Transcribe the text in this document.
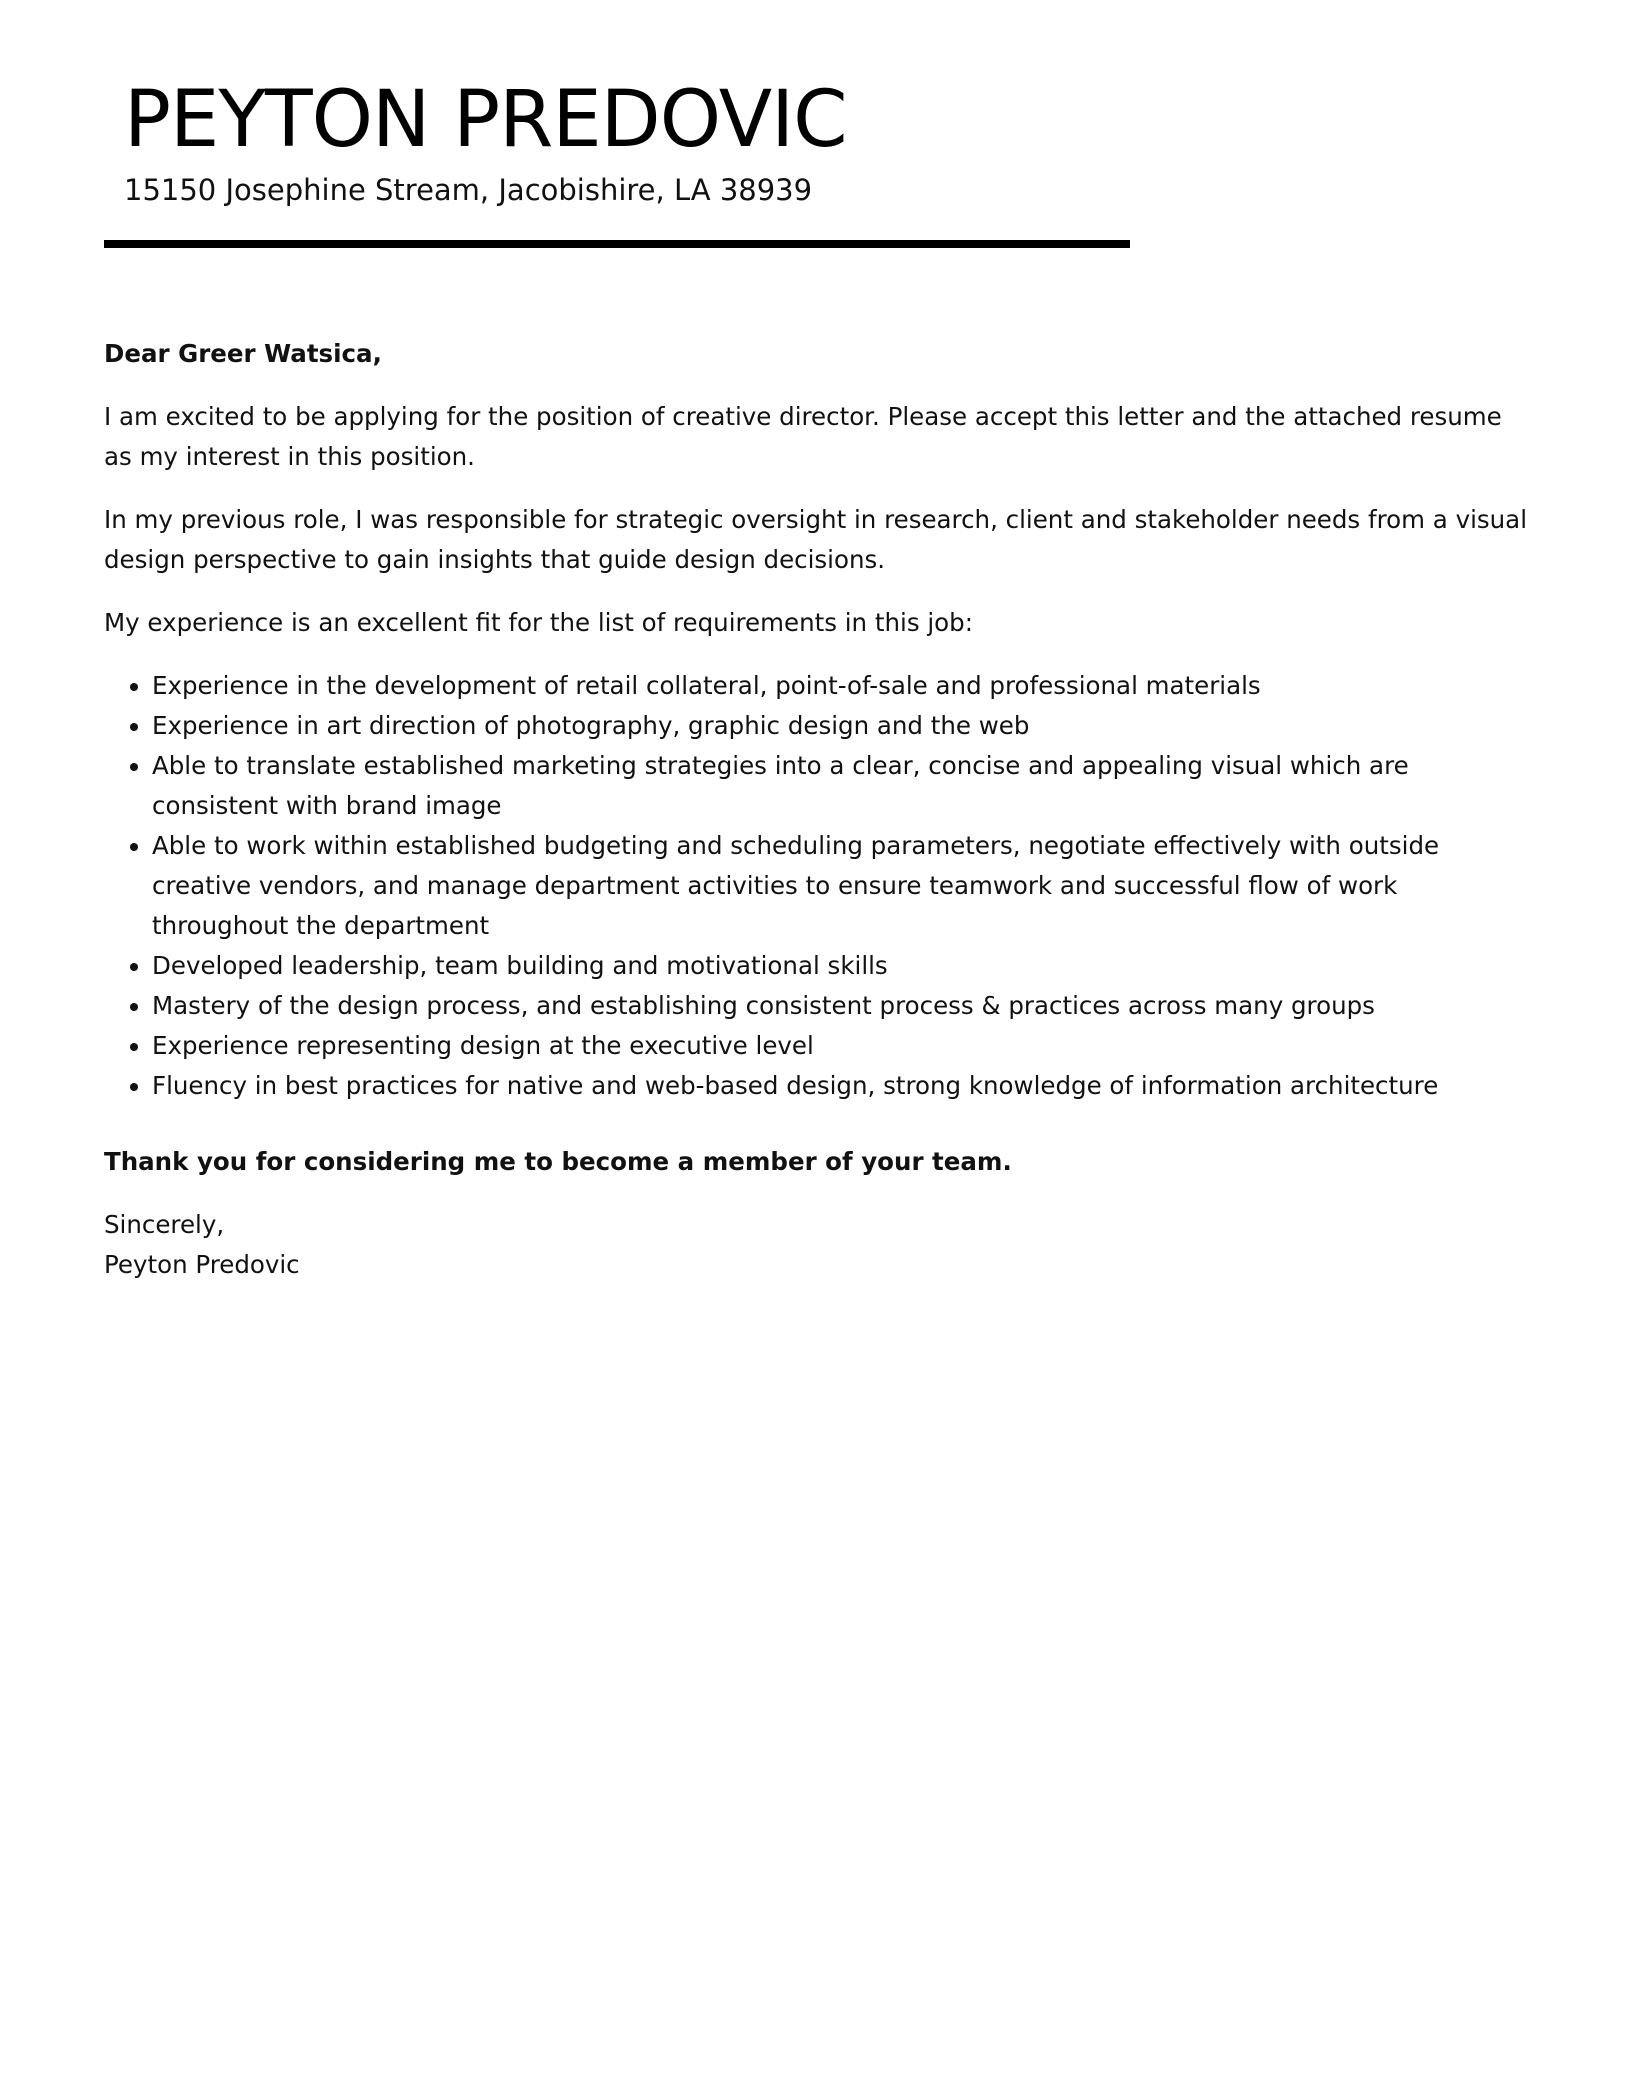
PEYTON PREDOVIC

15150 Josephine Stream, Jacobishire, LA 38939

Dear Greer Watsica,

I am excited to be applying for the position of creative director. Please accept this letter and the attached resume as my interest in this position.

In my previous role, I was responsible for strategic oversight in research, client and stakeholder needs from a visual design perspective to gain insights that guide design decisions.

My experience is an excellent fit for the list of requirements in this job:

• Experience in the development of retail collateral, point-of-sale and professional materials
• Experience in art direction of photography, graphic design and the web
• Able to translate established marketing strategies into a clear, concise and appealing visual which are consistent with brand image
• Able to work within established budgeting and scheduling parameters, negotiate effectively with outside creative vendors, and manage department activities to ensure teamwork and successful flow of work throughout the department
• Developed leadership, team building and motivational skills
• Mastery of the design process, and establishing consistent process & practices across many groups
• Experience representing design at the executive level
• Fluency in best practices for native and web-based design, strong knowledge of information architecture

Thank you for considering me to become a member of your team.

Sincerely,

Peyton Predovic
